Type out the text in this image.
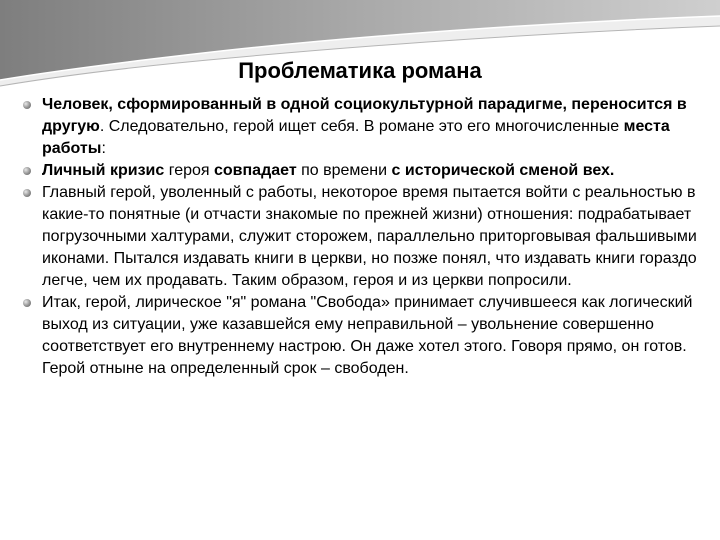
Проблематика романа

Человек, сформированный в одной социокультурной парадигме, переносится в другую. Следовательно, герой ищет себя. В романе это его многочисленные места работы:

Личный кризис героя совпадает по времени с исторической сменой вех.

Главный герой, уволенный с работы, некоторое время пытается войти с реальностью в какие-то понятные (и отчасти знакомые по прежней жизни) отношения: подрабатывает погрузочными халтурами, служит сторожем, параллельно приторговывая фальшивыми иконами. Пытался издавать книги в церкви, но позже понял, что издавать книги гораздо легче, чем их продавать. Таким образом, героя и из церкви попросили.

Итак, герой, лирическое "я" романа "Свобода» принимает случившееся как логический выход из ситуации, уже казавшейся ему неправильной – увольнение совершенно соответствует его внутреннему настрою. Он даже хотел этого. Говоря прямо, он готов. Герой отныне на определенный срок – свободен.
